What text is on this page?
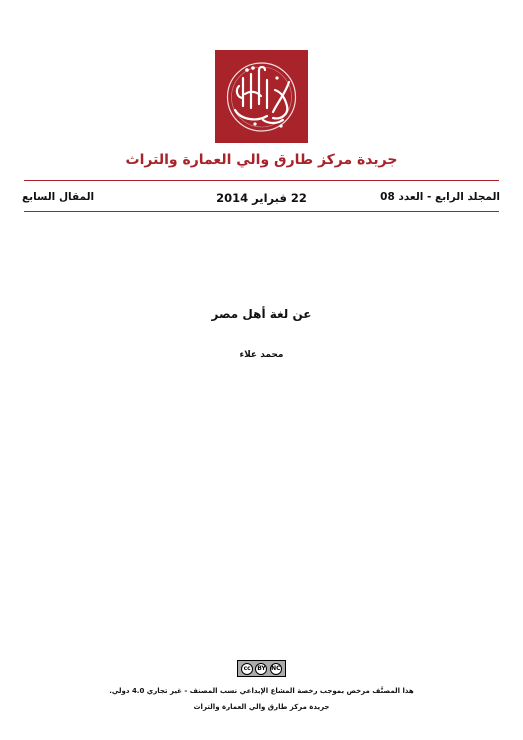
جريدة مركز طارق والي العمارة والتراث
المجلد الرابع - العدد 08
22 فبراير 2014
المقال السابع
عن لغة أهل مصر
محمد علاء
cc	BY NC
هذا المصنَّف مرخص بموجب رخصة المشاع الإبداعي نسب المصنف - غير تجاري 4.0 دولي.
جريدة مركز طارق والي العمارة والتراث
